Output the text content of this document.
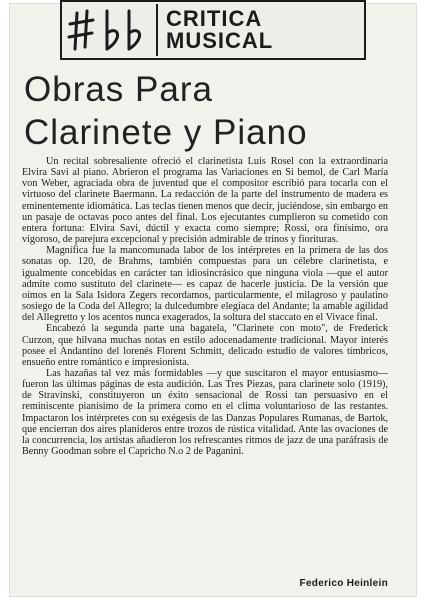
CRITICA
MUSICAL
Obras Para
Clarinete y Piano

Un recital sobresaliente ofreció el clarinetista Luis Rosel con la extraordinaria Elvira Savi al piano. Abrieron el programa las Variaciones en Si bemol, de Carl María von Weber, agraciada obra de juventud que el compositor escribió para tocarla con el virtuoso del clarinete Baermann. La redacción de la parte del instrumento de madera es eminentemente idiomática. Las teclas tienen menos que decir, juciéndose, sin embargo en un pasaje de octavas poco antes del final. Los ejecutantes cumplieron su cometido con entera fortuna: Elvira Savi, dúctil y exacta como siempre; Rossi, ora finísimo, ora vigoroso, de parejura excepcional y precisión admirable de trinos y fiorituras.

Magnífica fue la mancomunada labor de los intérpretes en la primera de las dos sonatas op. 120, de Brahms, también compuestas para un célebre clarinetista, e igualmente concebidas en carácter tan idiosincrásico que ninguna viola —que el autor admite como sustituto del clarinete— es capaz de hacerle justicia. De la versión que oímos en la Sala Isidora Zegers recordamos, particularmente, el milagroso y paulatino sosiego de la Coda del Allegro; la dulcedumbre elegíaca del Andante; la amable agilidad del Allegretto y los acentos nunca exagerados, la soltura del staccato en el Vivace final.

Encabezó la segunda parte una bagatela, "Clarinete con moto", de Frederick Curzon, que hilvana muchas notas en estilo adocenadamente tradicional. Mayor interés posee el Andantino del lorenés Florent Schmitt, delicado estudio de valores tímbricos, ensueño entre romántico e impresionista.

Las hazañas tal vez más formidables —y que suscitaron el mayor entusiasmo— fueron las últimas páginas de esta audición. Las Tres Piezas, para clarinete solo (1919), de Stravinski, constituyeron un éxito sensacional de Rossi tan persuasivo en el reminiscente pianísimo de la primera como en el clima voluntarioso de las restantes. Impactaron los intérpretes con su exégesis de las Danzas Populares Rumanas, de Bartok, que encierran dos aires planideros entre trozos de rústica vitalidad. Ante las ovaciones de la concurrencia, los artistas añadieron los refrescantes ritmos de jazz de una paráfrasis de Benny Goodman sobre el Capricho N.o 2 de Paganini.

Federico Heinlein
